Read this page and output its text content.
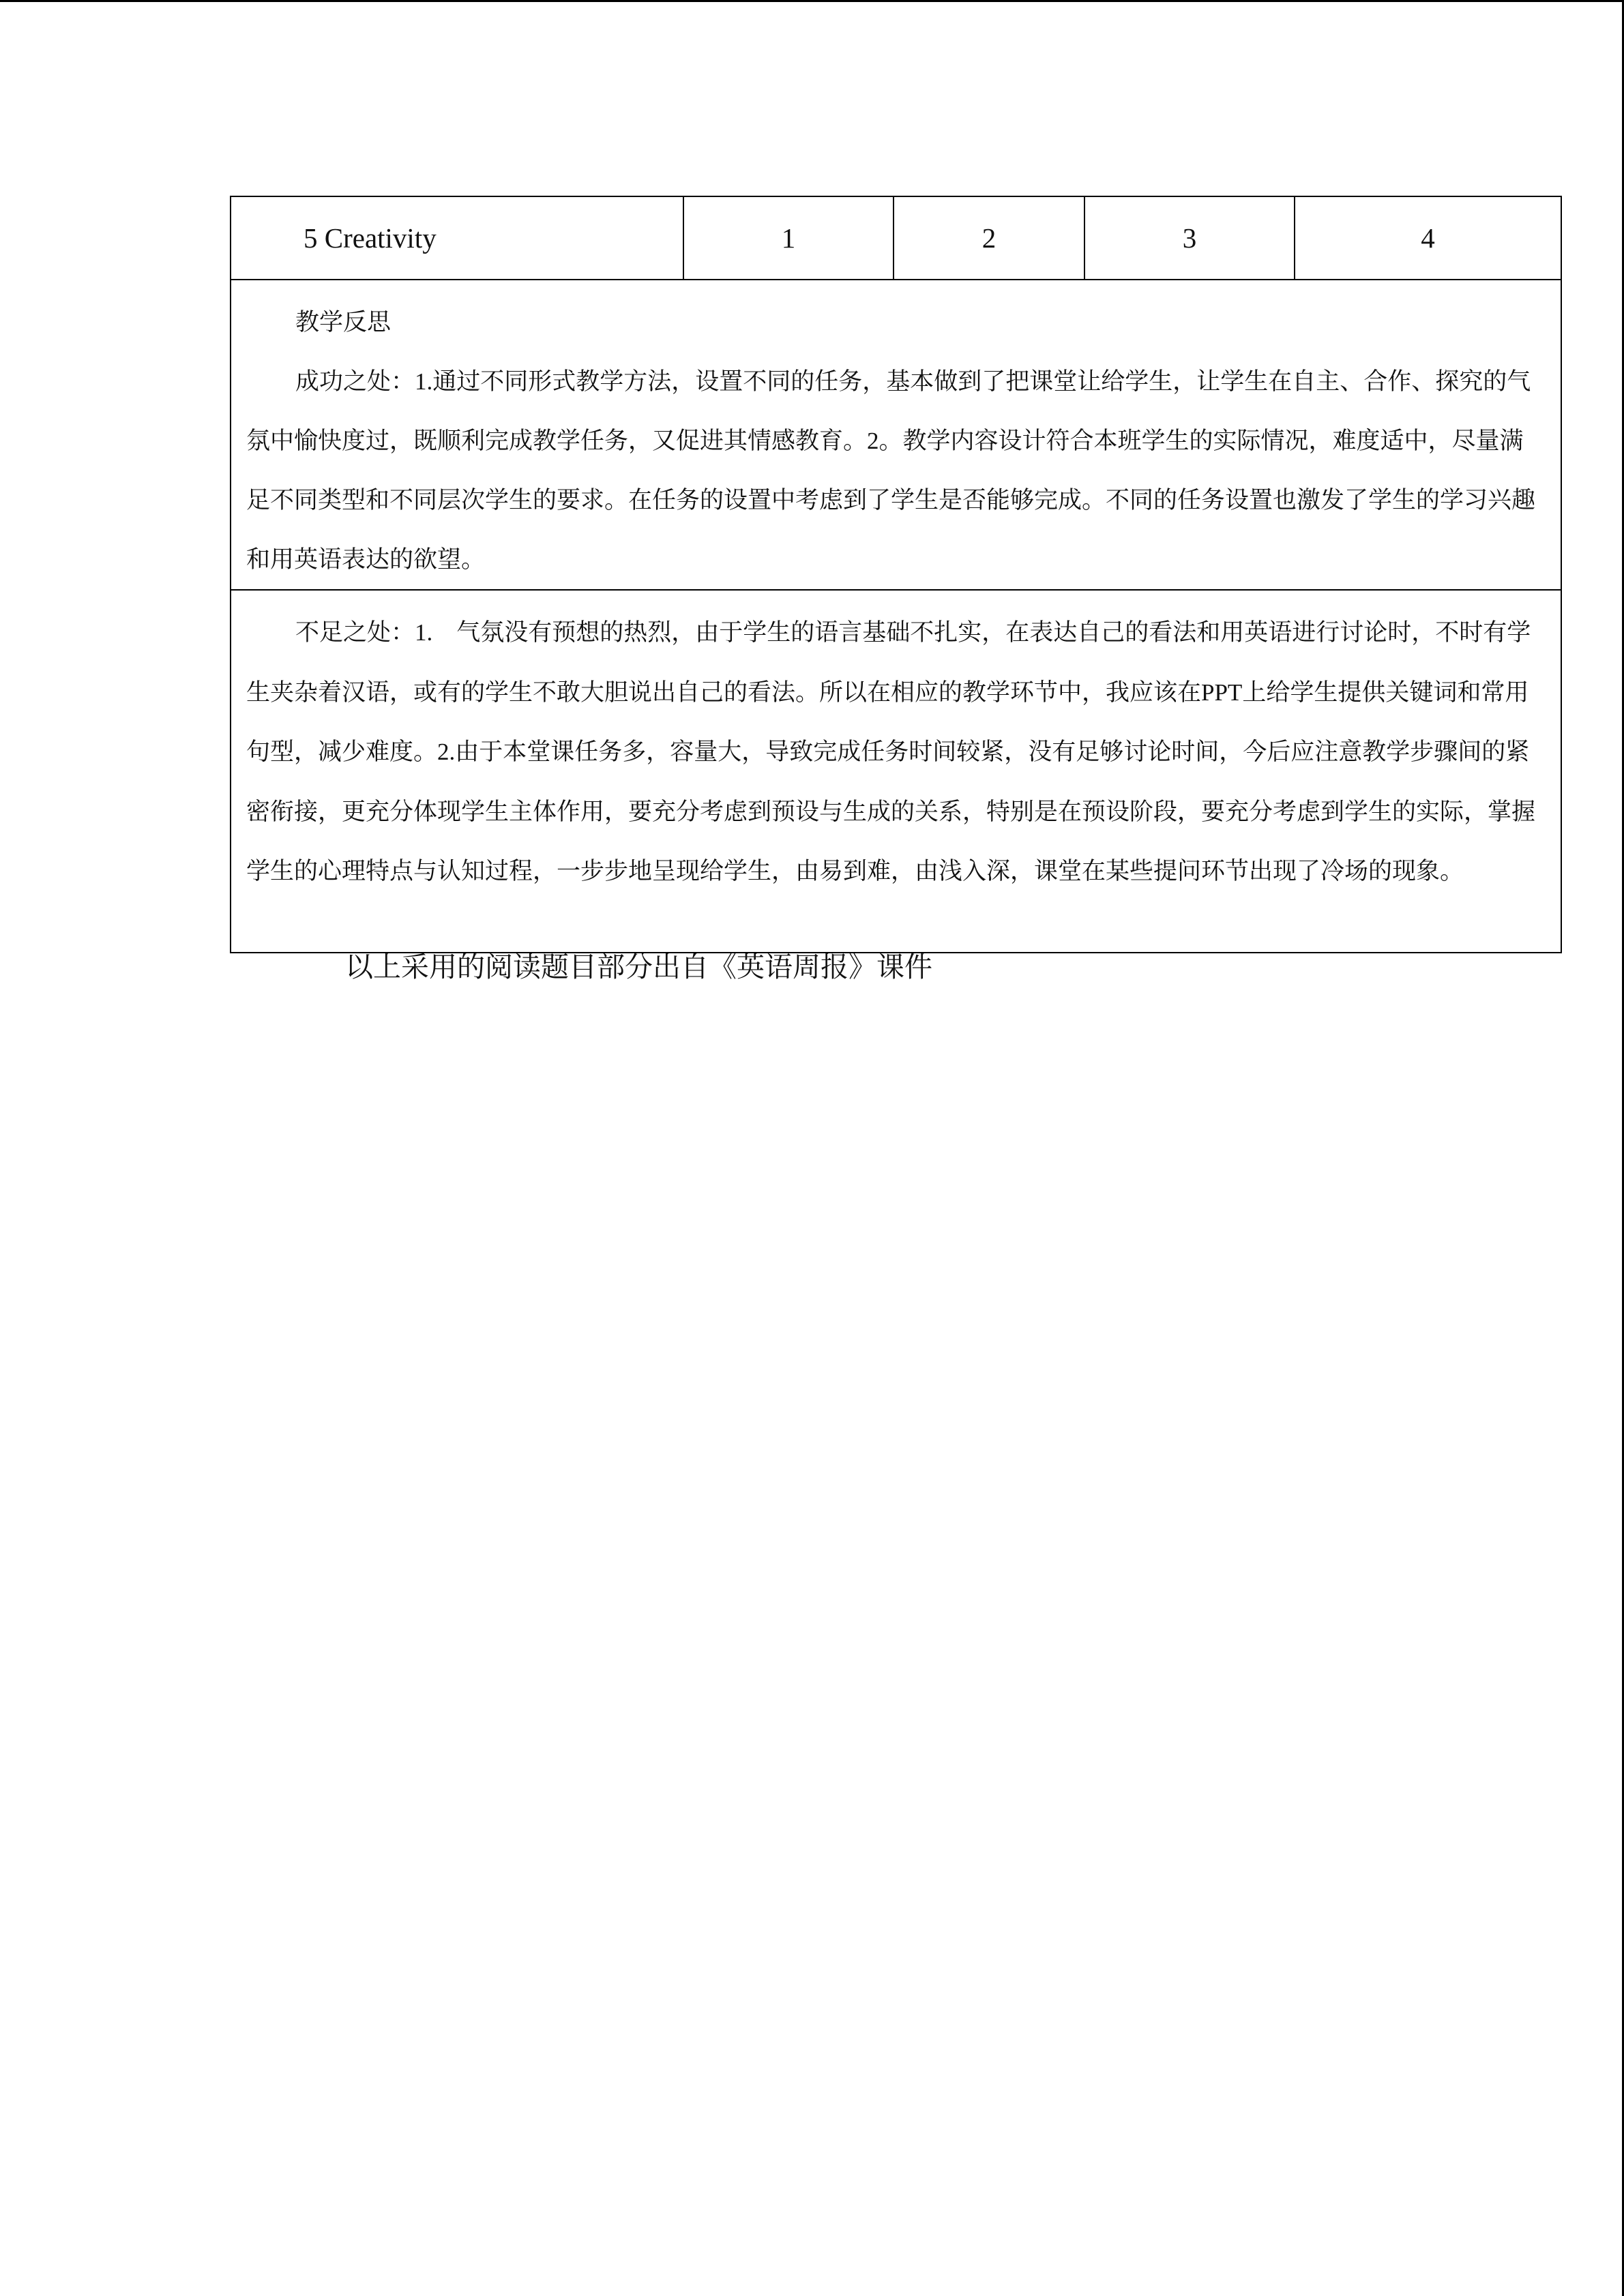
5 Creativity	1	2	3	4

教学反思

成功之处：1.通过不同形式教学方法，设置不同的任务，基本做到了把课堂让给学生，让学生在自主、合作、探究的气氛中愉快度过，既顺利完成教学任务，又促进其情感教育。2。教学内容设计符合本班学生的实际情况，难度适中，尽量满足不同类型和不同层次学生的要求。在任务的设置中考虑到了学生是否能够完成。不同的任务设置也激发了学生的学习兴趣和用英语表达的欲望。

不足之处：1.　气氛没有预想的热烈，由于学生的语言基础不扎实，在表达自己的看法和用英语进行讨论时，不时有学生夹杂着汉语，或有的学生不敢大胆说出自己的看法。所以在相应的教学环节中，我应该在PPT上给学生提供关键词和常用句型，减少难度。2.由于本堂课任务多，容量大，导致完成任务时间较紧，没有足够讨论时间，今后应注意教学步骤间的紧密衔接，更充分体现学生主体作用，要充分考虑到预设与生成的关系，特别是在预设阶段，要充分考虑到学生的实际，掌握学生的心理特点与认知过程，一步步地呈现给学生，由易到难，由浅入深，课堂在某些提问环节出现了冷场的现象。

以上采用的阅读题目部分出自《英语周报》课件
